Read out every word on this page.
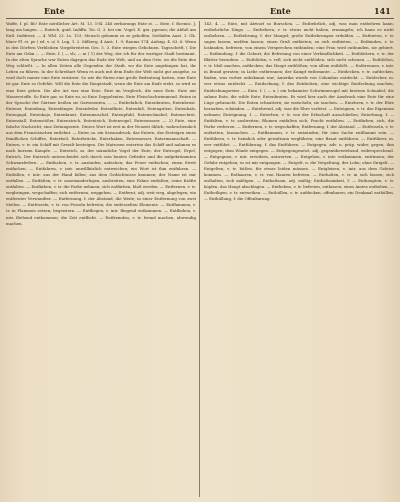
Ente	Ente	141

Waffe, f. pl. Bö! Ente nördlicher Art. M. 13. 194. 246 zerbarungs Ente st. — Ente, f. Boemic. J. lang am langen. — Entrich, guid. Indiffn. Tei. G. 3. bei ein. Vogel. E. gra. ppenen; die Abfuß am Entl. Indifreat; — 4. Wld. 23. Ls. 153; Mensch gekomm zu ze geholfen. Seehäfen Aaat. 3. Gk. bluev Pl. st. pe ( ed. v. u/ 9. Lug. 1. 2. Milberg, 4 Anst. 1. 9; Raume 174; Aufzng. 4. 63. 6. Wenn in den Dörfern Verbleiben Vorgebreiteten Ges. 5. 3. Ente wiegen Gebohnen. Tageschrift, ( Die Ente am Gehn ... — Ente, f. ( — vh; — m ) 1) der Weg, der ich für der wartiger Stadt bestimmt. In der alten Sprache war Enten dagegen das Ende der Welt, und an dem Orte, wo die Ente den Weg schließt. — In allen Zeiten alle Gegenden der Stadt, wo die Ente angefangen hat, ihr Leben zu führen. In der Schreibart Wenn es auch mit dem Ende der Welt nicht gut ausgehe, so wird doch immer eine Ente erwärmt. So wie die Enten eine große Bedeutung hatten, eine Ente ist gar. Ente so Gefehle. Will die Ente die Hauptstadt, wenn die Ente am Ende steht, so wird es eine Ente geben. Die alte Art war eine Ente. Ente im Vergleich, die neue Ente. Ente mit Wasserstoffe. So Ente gar, so Ente zu, so Ente Doppelenten. Ente Fleischschwimmend. Enten in der Sprache der Gärtner heißen sie Gartenenten, ... — Entbehrlich, Entenbraten, Entenbrust. Entenei, Entenfang, Entenfänger, Entenfeder, Entenflinte, Entenfuß, Entengrütze, Entenhals, Entenjagd, Entenkoje, Entenkraut, Entenmuschel, Entenpfuhl, Entenschnabel, Entenschrot, Entenstall, Entenstößer, Entenstrich, Ententeich, Entenvogel, Entenwasser. — 2) Ente, eine falsche Nachricht; eine Zeitungsente. Dieses Wort ist erst in der Neuzeit üblich, wahrscheinlich aus dem Französischen entlehnt. — Enter, m. ein Seeausdruck, das Entern, das Ersteigen eines feindlichen Schiffes; Enterbeil, Enterbrücke, Enterhaken, Entermesser, Entermannschaft. — Entern, v. tr. ein Schiff mit Gewalt besteigen. Die Matrosen enterten das Schiff und nahmen es nach kurzem Kampfe. — Enterich, m. der männliche Vogel der Ente, der Entvogel, Erpel, Entrich. Der Enterich unterscheidet sich durch sein buntes Gefieder und die aufgekrümmten Schwanzfedern. — Entfachen, v. tr. anzünden, anfachen; das Feuer entfachen; einen Streit entfachen. — Entfahren, v. intr. unwillkürlich entweichen; ein Wort ist ihm entfahren. — Entfallen, v. intr. aus der Hand fallen; aus dem Gedächtnisse kommen; der Name ist mir entfallen. — Entfalten, v. tr. auseinanderlegen, ausbreiten; eine Fahne entfalten; seine Kräfte entfalten. — Entfärben, v. tr. die Farbe nehmen; sich entfärben, blaß werden. — Entfernen, v. tr. wegbringen, wegschaffen; sich entfernen, weggehen. — Entfernt, adj. weit weg, abgelegen; ein entfernter Verwandter. — Entfernung, f. der Abstand, die Weite; in einer Entfernung von zwei Meilen. — Entfesseln, v. tr. von Fesseln befreien; die entfesselten Elemente. — Entflammen, v. tr. in Flammen setzen; begeistern. — Entfliegen, v. intr. fliegend entkommen. — Entfliehen, v. intr. fliehend entkommen; die Zeit entflieht. — Entfremden, v. tr. fremd machen, abwendig machen.

143. 4. — Ente, mit Abwurf so Burschen. — Entbehrlich, adj. was man entbehren kann; entbehrliche Dinge. — Entbehren, v. tr. etwas nicht haben, ermangeln; ich kann es nicht entbehren. — Entbehrung, f. der Mangel; große Entbehrungen erdulden. — Entbieten, v. tr. sagen lassen, melden lassen; einen Gruß entbieten; zu sich entbieten. — Entbinden, v. tr. losbinden, befreien; von einem Versprechen entbinden; eine Frau wird entbunden, sie gebiert. — Entbindung, f. die Geburt; die Befreiung von einer Verbindlichkeit. — Entblättern, v. tr. der Blätter berauben. — Entblöden, v. refl. sich nicht entblöden, sich nicht scheuen. — Entblößen, v. tr. bloß machen, aufdecken; das Haupt entblößen; von allem entblößt. — Entbrennen, v. intr. in Brand geraten; in Liebe entbrennen; der Kampf entbrannte. — Entdecken, v. tr. aufdecken, finden, was vorher unbekannt war; Amerika wurde von Columbus entdeckt. — Entdecker, m. wer etwas entdeckt. — Entdeckung, f. das Entdecken; eine wichtige Entdeckung machen; Entdeckungsreise. — Ente, f. ( — n ) ein bekannter Schwimmvogel mit breitem Schnabel; die zahme Ente, die wilde Ente; Entenbraten. Es wird hier auch der Ausdruck eine Ente für eine Lüge gebraucht. Die Enten schnattern; sie watscheln; sie tauchen. — Entehren, v. tr. der Ehre berauben, schänden. — Entehrend, adj. was die Ehre verletzt. — Enteignen, v. tr. das Eigentum nehmen; Enteignung, f. — Enterben, v. tr. von der Erbschaft ausschließen; Enterbung, f. — Entfalten, v. tr. ausbreiten; Blumen entfalten sich; Pracht entfalten. — Entfärben, sich, die Farbe verlieren. — Entfernen, v. tr. wegschaffen; Entfernung, f. der Abstand. — Entfesseln, v. tr. entketten, losmachen. — Entflammen, v. tr. entzünden; für eine Sache entflammt sein. — Entführen, v. tr. heimlich oder gewaltsam wegführen; eine Braut entführen. — Entführer, m. wer entführt. — Entführung, f. das Entführen. — Entgegen, adv. u. präp. wider, gegen; ihm entgegen; dem Winde entgegen. — Entgegengesetzt, adj. gegenüberstehend, widersprechend. — Entgegnen, v. intr. erwidern, antworten. — Entgehen, v. intr. entkommen, entrinnen; der Gefahr entgehen; es ist mir entgangen. — Entgelt, n. die Vergeltung, der Lohn; ohne Entgelt. — Entgelten, v. tr. büßen, für etwas leiden müssen. — Entgleisen, v. intr. aus dem Geleise kommen. — Enthaaren, v. tr. von Haaren befreien. — Enthalten, v. tr. in sich fassen; sich enthalten, sich mäßigen. — Enthaltsam, adj. mäßig; Enthaltsamkeit, f. — Enthaupten, v. tr. köpfen, das Haupt abschlagen. — Entheben, v. tr. befreien, entlassen; eines Amtes entheben. — Entheiligen, v. tr. entweihen. — Enthüllen, v. tr. aufdecken, offenbaren; ein Denkmal enthüllen. — Enthüllung, f. die Offenbarung.
